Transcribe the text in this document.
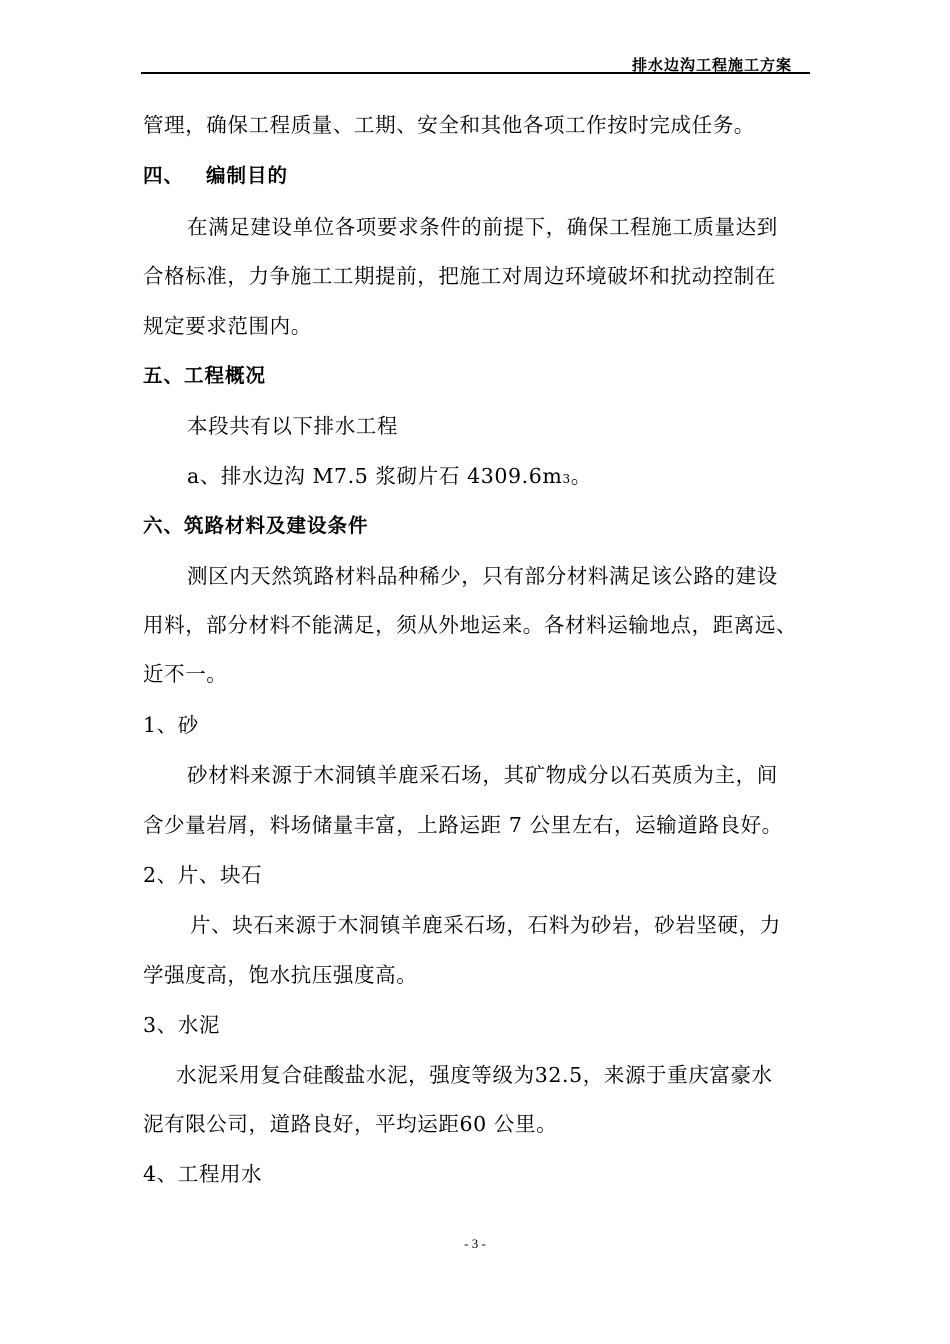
排水边沟工程施工方案
管理，确保工程质量、工期、安全和其他各项工作按时完成任务。
四、 编制目的
在满足建设单位各项要求条件的前提下，确保工程施工质量达到
合格标准，力争施工工期提前，把施工对周边环境破坏和扰动控制在
规定要求范围内。
五、工程概况
本段共有以下排水工程
a、排水边沟 M7.5 浆砌片石 4309.6m3。
六、筑路材料及建设条件
测区内天然筑路材料品种稀少，只有部分材料满足该公路的建设
用料，部分材料不能满足，须从外地运来。各材料运输地点，距离远、
近不一。
1、砂
砂材料来源于木洞镇羊鹿采石场，其矿物成分以石英质为主，间
含少量岩屑，料场储量丰富，上路运距 7 公里左右，运输道路良好。
2、片、块石
片、块石来源于木洞镇羊鹿采石场，石料为砂岩，砂岩坚硬，力
学强度高，饱水抗压强度高。
3、水泥
水泥采用复合硅酸盐水泥，强度等级为32.5，来源于重庆富豪水
泥有限公司，道路良好，平均运距60 公里。
4、工程用水
- 3 -
